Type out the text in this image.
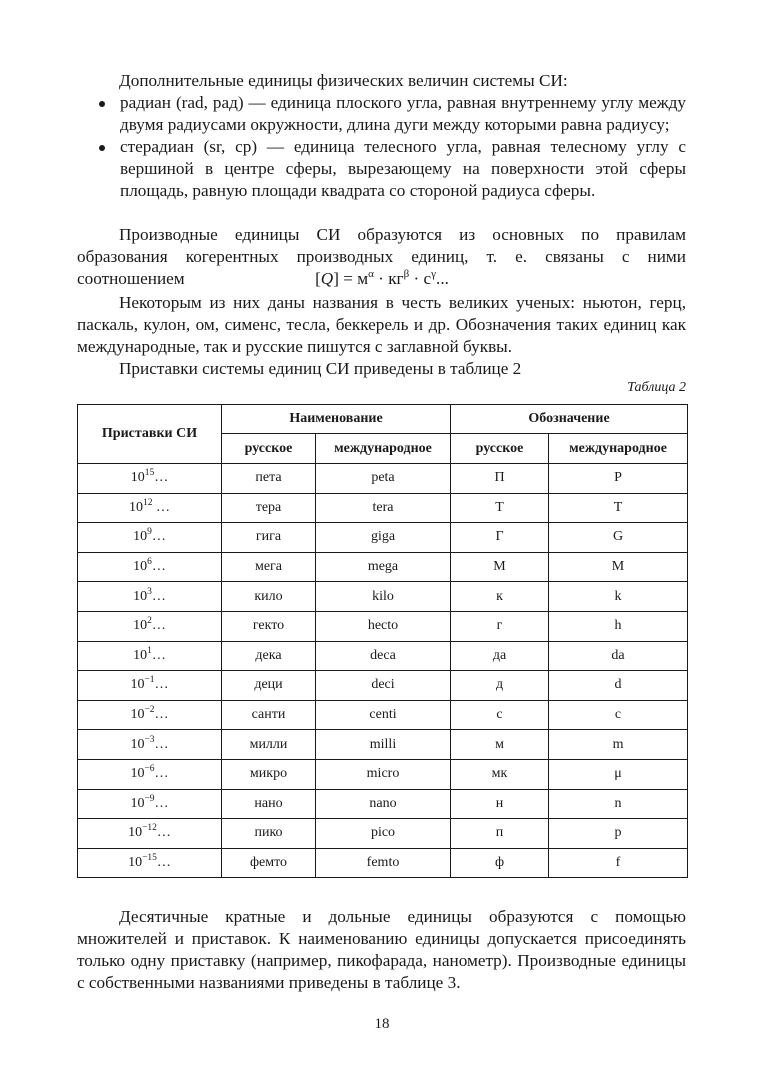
Дополнительные единицы физических величин системы СИ:

радиан (rad, рад) — единица плоского угла, равная внутреннему углу между двумя радиусами окружности, длина дуги между которыми равна радиусу;
стерадиан (sr, ср) — единица телесного угла, равная телесному углу с вершиной в центре сферы, вырезающему на поверхности этой сферы площадь, равную площади квадрата со стороной радиуса сферы.

Производные единицы СИ образуются из основных по правилам образования когерентных производных единиц, т. е. связаны с ними соотношением	$[Q] = м^\alpha \cdot кг^\beta \cdot с^\gamma$...

Некоторым из них даны названия в честь великих ученых: ньютон, герц, паскаль, кулон, ом, сименс, тесла, беккерель и др. Обозначения таких единиц как международные, так и русские пишутся с заглавной буквы.

Приставки системы единиц СИ приведены в таблице 2

Таблица 2
Приставки СИ	Наименование		Обозначение	
	русское	международное	русское	международное
$10^{15}\dots$	пета	peta	П	P
$10^{12}$ …	тера	tera	Т	T
$10^9\dots$	гига	giga	Г	G
$10^6\dots$	мега	mega	М	M
$10^3\dots$	кило	kilo	к	k
$10^2\dots$	гекто	hecto	г	h
$10^1\dots$	дека	deca	да	da
$10^{-1}\dots$	деци	deci	д	d
$10^{-2}\dots$	санти	centi	с	c
$10^{-3}\dots$	милли	milli	м	m
$10^{-6}\dots$	микро	micro	мк	μ
$10^{-9}\dots$	нано	nano	н	n
$10^{-12}\dots$	пико	pico	п	p
$10^{-15}\dots$	фемто	femto	ф	f

Десятичные кратные и дольные единицы образуются с помощью множителей и приставок. К наименованию единицы допускается присоединять только одну приставку (например, пикофарада, нанометр). Производные единицы с собственными названиями приведены в таблице 3.

18
